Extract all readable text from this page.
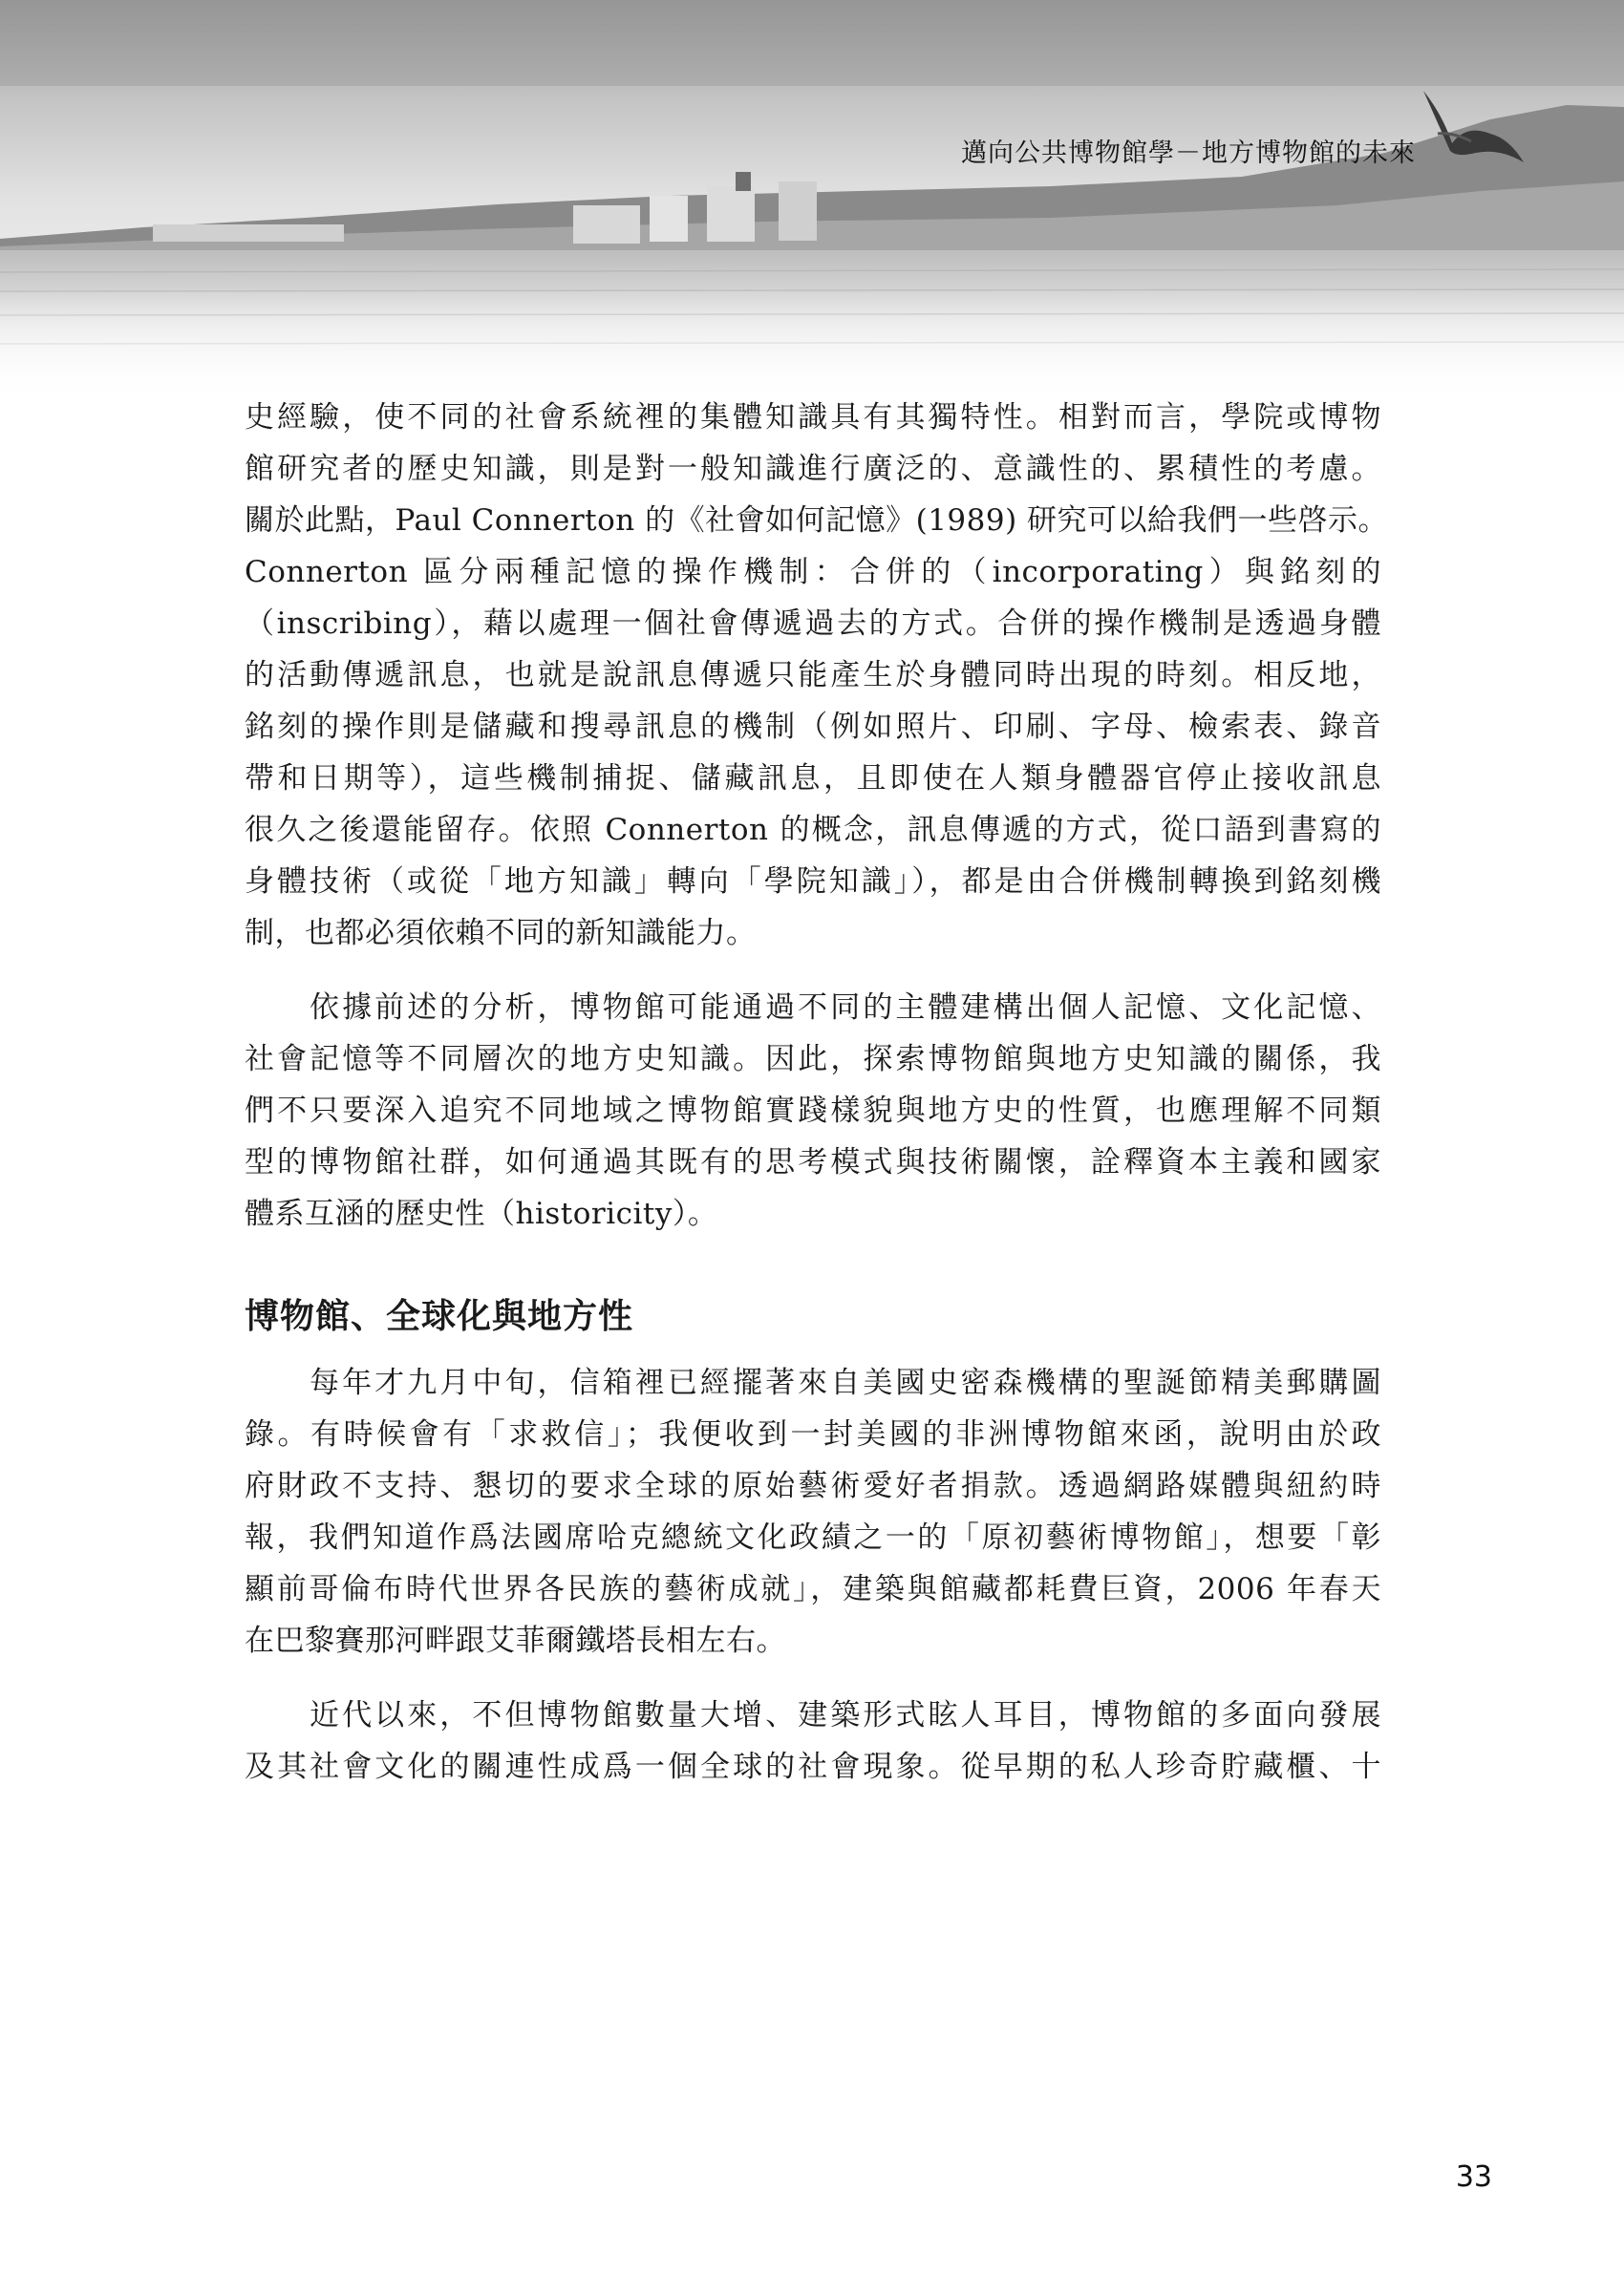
邁向公共博物館學－地方博物館的未來
史經驗，使不同的社會系統裡的集體知識具有其獨特性。相對而言，學院或博物
館研究者的歷史知識，則是對一般知識進行廣泛的、意識性的、累積性的考慮。
關於此點，Paul Connerton 的《社會如何記憶》(1989) 研究可以給我們一些啓示。
Connerton 區分兩種記憶的操作機制：合併的（incorporating）與銘刻的
（inscribing），藉以處理一個社會傳遞過去的方式。合併的操作機制是透過身體
的活動傳遞訊息，也就是說訊息傳遞只能產生於身體同時出現的時刻。相反地，
銘刻的操作則是儲藏和搜尋訊息的機制（例如照片、印刷、字母、檢索表、錄音
帶和日期等），這些機制捕捉、儲藏訊息，且即使在人類身體器官停止接收訊息
很久之後還能留存。依照 Connerton 的概念，訊息傳遞的方式，從口語到書寫的
身體技術（或從「地方知識」轉向「學院知識」），都是由合併機制轉換到銘刻機
制，也都必須依賴不同的新知識能力。
依據前述的分析，博物館可能通過不同的主體建構出個人記憶、文化記憶、
社會記憶等不同層次的地方史知識。因此，探索博物館與地方史知識的關係，我
們不只要深入追究不同地域之博物館實踐樣貌與地方史的性質，也應理解不同類
型的博物館社群，如何通過其既有的思考模式與技術關懷，詮釋資本主義和國家
體系互涵的歷史性（historicity）。
博物館、全球化與地方性
每年才九月中旬，信箱裡已經擺著來自美國史密森機構的聖誕節精美郵購圖
錄。有時候會有「求救信」；我便收到一封美國的非洲博物館來函，說明由於政
府財政不支持、懇切的要求全球的原始藝術愛好者捐款。透過網路媒體與紐約時
報，我們知道作爲法國席哈克總統文化政績之一的「原初藝術博物館」，想要「彰
顯前哥倫布時代世界各民族的藝術成就」，建築與館藏都耗費巨資，2006 年春天
在巴黎賽那河畔跟艾菲爾鐵塔長相左右。
近代以來，不但博物館數量大增、建築形式眩人耳目，博物館的多面向發展
及其社會文化的關連性成爲一個全球的社會現象。從早期的私人珍奇貯藏櫃、十
33
